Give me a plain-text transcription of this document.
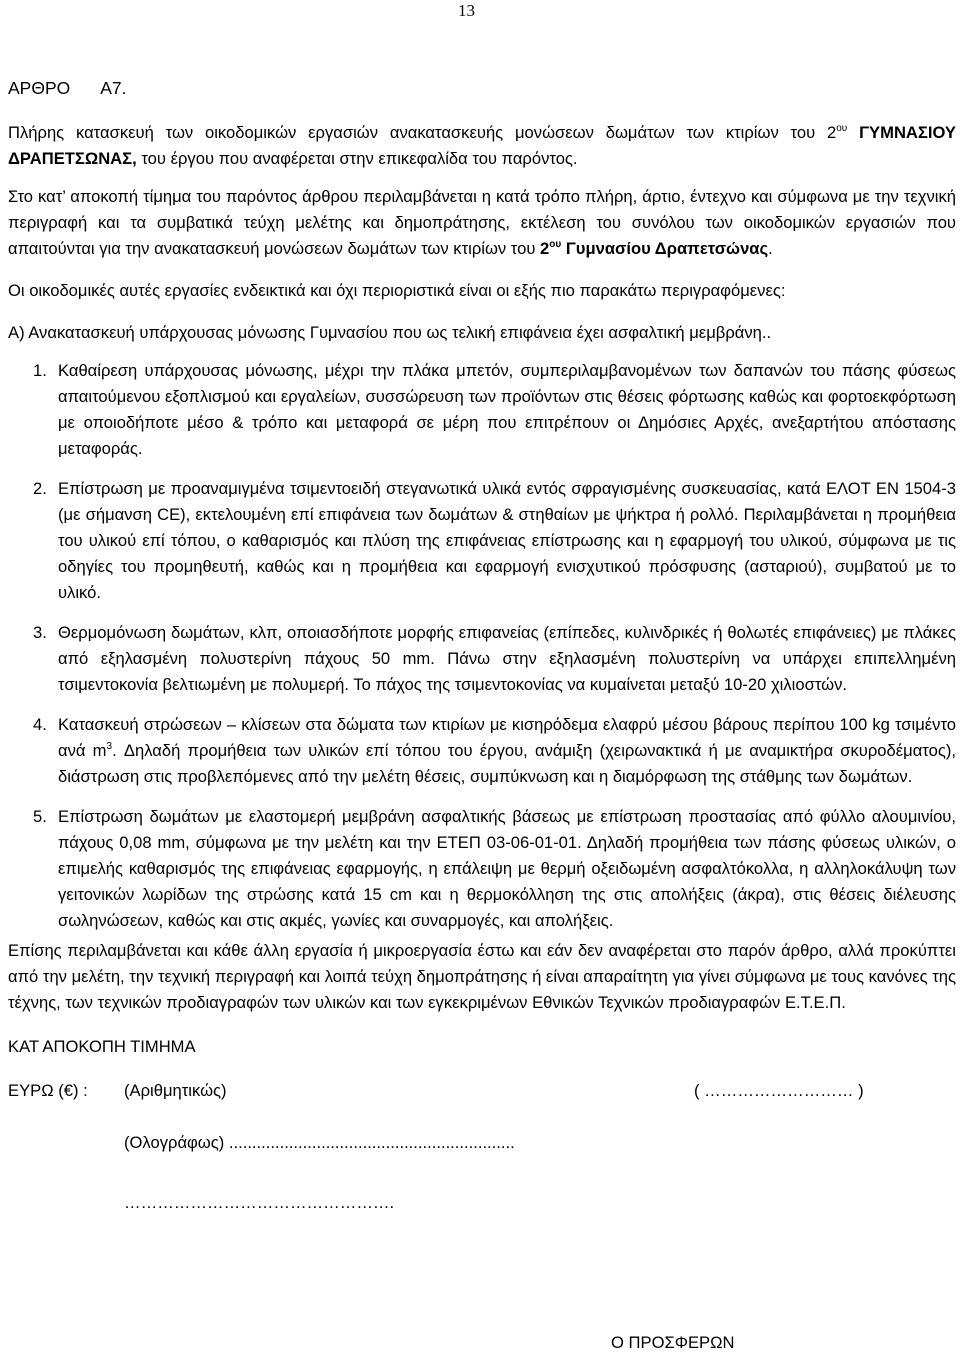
13
ΑΡΘΡΟ Α7.

Πλήρης κατασκευή των οικοδομικών εργασιών ανακατασκευής μονώσεων δωμάτων των κτιρίων του $2^{o\upsilon}$ ΓΥΜΝΑΣΙΟΥ ΔΡΑΠΕΤΣΩΝΑΣ, του έργου που αναφέρεται στην επικεφαλίδα του παρόντος.

Στο κατ’ αποκοπή τίμημα του παρόντος άρθρου περιλαμβάνεται η κατά τρόπο πλήρη, άρτιο, έντεχνο και σύμφωνα με την τεχνική περιγραφή και τα συμβατικά τεύχη μελέτης και δημοπράτησης, εκτέλεση του συνόλου των οικοδομικών εργασιών που απαιτούνται για την ανακατασκευή μονώσεων δωμάτων των κτιρίων του $2^{o\upsilon}$ Γυμνασίου Δραπετσώνας.

Οι οικοδομικές αυτές εργασίες ενδεικτικά και όχι περιοριστικά είναι οι εξής πιο παρακάτω περιγραφόμενες:

Α) Ανακατασκευή υπάρχουσας μόνωσης Γυμνασίου που ως τελική επιφάνεια έχει ασφαλτική μεμβράνη..

1. Καθαίρεση υπάρχουσας μόνωσης, μέχρι την πλάκα μπετόν, συμπεριλαμβανομένων των δαπανών του πάσης φύσεως απαιτούμενου εξοπλισμού και εργαλείων, συσσώρευση των προϊόντων στις θέσεις φόρτωσης καθώς και φορτοεκφόρτωση με οποιοδήποτε μέσο & τρόπο και μεταφορά σε μέρη που επιτρέπουν οι Δημόσιες Αρχές, ανεξαρτήτου απόστασης μεταφοράς.
2. Επίστρωση με προαναμιγμένα τσιμεντοειδή στεγανωτικά υλικά εντός σφραγισμένης συσκευασίας, κατά ΕΛΟΤ ΕΝ 1504-3 (με σήμανση CE), εκτελουμένη επί επιφάνεια των δωμάτων & στηθαίων με ψήκτρα ή ρολλό. Περιλαμβάνεται η προμήθεια του υλικού επί τόπου, ο καθαρισμός και πλύση της επιφάνειας επίστρωσης και η εφαρμογή του υλικού, σύμφωνα με τις οδηγίες του προμηθευτή, καθώς και η προμήθεια και εφαρμογή ενισχυτικού πρόσφυσης (ασταριού), συμβατού με το υλικό.
3. Θερμομόνωση δωμάτων, κλπ, οποιασδήποτε μορφής επιφανείας (επίπεδες, κυλινδρικές ή θολωτές επιφάνειες) με πλάκες από εξηλασμένη πολυστερίνη πάχους 50 mm. Πάνω στην εξηλασμένη πολυστερίνη να υπάρχει επιπελλημένη τσιμεντοκονία βελτιωμένη με πολυμερή. Το πάχος της τσιμεντοκονίας να κυμαίνεται μεταξύ 10-20 χιλιοστών.
4. Κατασκευή στρώσεων – κλίσεων στα δώματα των κτιρίων με κισηρόδεμα ελαφρύ μέσου βάρους περίπου 100 kg τσιμέντο ανά $m^3$. Δηλαδή προμήθεια των υλικών επί τόπου του έργου, ανάμιξη (χειρωνακτικά ή με αναμικτήρα σκυροδέματος), διάστρωση στις προβλεπόμενες από την μελέτη θέσεις, συμπύκνωση και η διαμόρφωση της στάθμης των δωμάτων.
5. Επίστρωση δωμάτων με ελαστομερή μεμβράνη ασφαλτικής βάσεως με επίστρωση προστασίας από φύλλο αλουμινίου, πάχους 0,08 mm, σύμφωνα με την μελέτη και την ΕΤΕΠ 03-06-01-01. Δηλαδή προμήθεια των πάσης φύσεως υλικών, ο επιμελής καθαρισμός της επιφάνειας εφαρμογής, η επάλειψη με θερμή οξειδωμένη ασφαλτόκολλα, η αλληλοκάλυψη των γειτονικών λωρίδων της στρώσης κατά 15 cm και η θερμοκόλληση της στις απολήξεις (άκρα), στις θέσεις διέλευσης σωληνώσεων, καθώς και στις ακμές, γωνίες και συναρμογές, και απολήξεις.

Επίσης περιλαμβάνεται και κάθε άλλη εργασία ή μικροεργασία έστω και εάν δεν αναφέρεται στο παρόν άρθρο, αλλά προκύπτει από την μελέτη, την τεχνική περιγραφή και λοιπά τεύχη δημοπράτησης ή είναι απαραίτητη για γίνει σύμφωνα με τους κανόνες της τέχνης, των τεχνικών προδιαγραφών των υλικών και των εγκεκριμένων Εθνικών Τεχνικών προδιαγραφών Ε.Τ.Ε.Π.

ΚΑΤ ΑΠΟΚΟΠΗ ΤΙΜΗΜΑ
ΕΥΡΩ (€) :	(Αριθμητικώς)	( ……………………… )
(Ολογράφως) ..............................................................
………………………………………….
Ο ΠΡΟΣΦΕΡΩΝ
